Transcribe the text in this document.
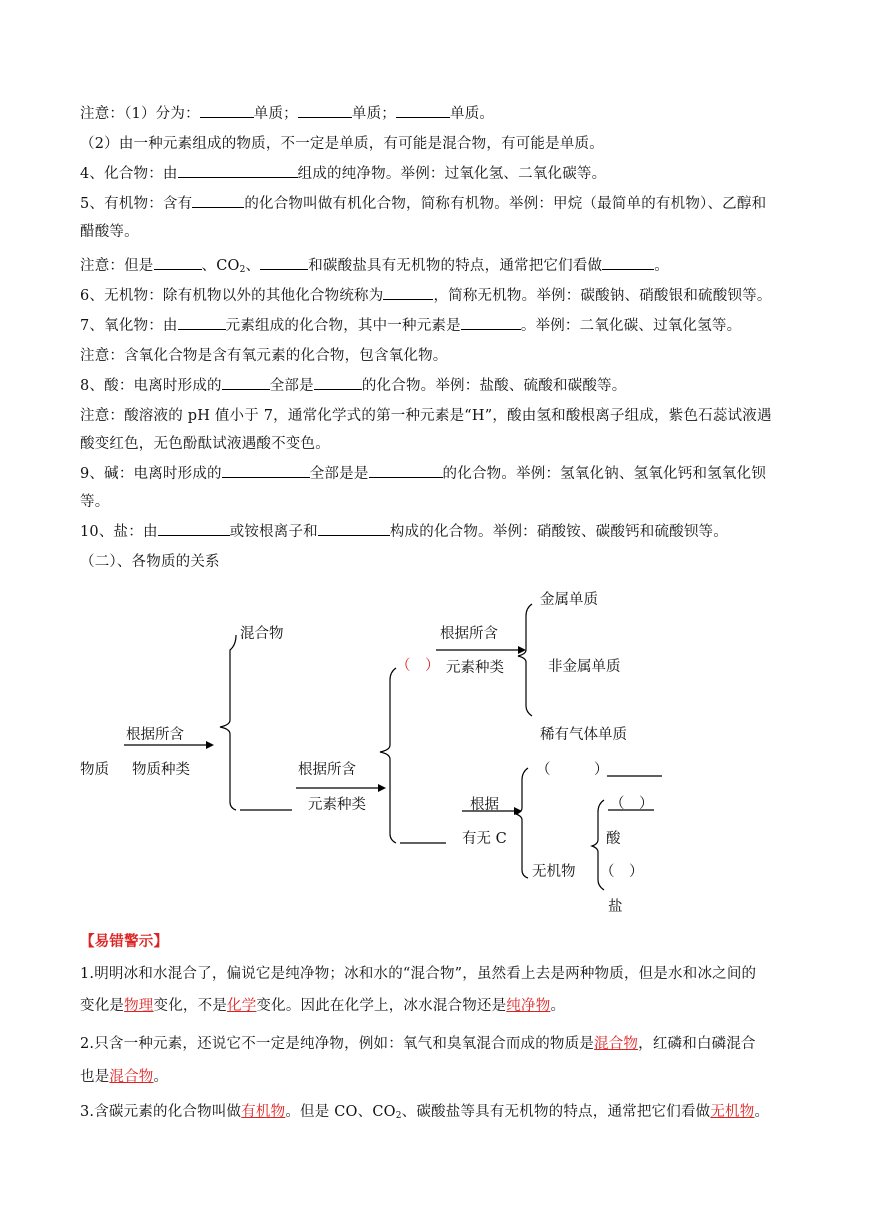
注意：（1）分为：	单质；	单质；	单质。
（2）由一种元素组成的物质，不一定是单质，有可能是混合物，有可能是单质。
4、化合物：由	组成的纯净物。举例：过氧化氢、二氧化碳等。
5、有机物：含有	的化合物叫做有机化合物，简称有机物。举例：甲烷（最简单的有机物）、乙醇和
醋酸等。
注意：但是	、$CO_2$、	和碳酸盐具有无机物的特点，通常把它们看做	。
6、无机物：除有机物以外的其他化合物统称为	，简称无机物。举例：碳酸钠、硝酸银和硫酸钡等。
7、氧化物：由	元素组成的化合物，其中一种元素是	。举例：二氧化碳、过氧化氢等。
注意：含氧化合物是含有氧元素的化合物，包含氧化物。
8、酸：电离时形成的	全部是	的化合物。举例：盐酸、硫酸和碳酸等。
注意：酸溶液的 pH 值小于 7，通常化学式的第一种元素是“H”，酸由氢和酸根离子组成，紫色石蕊试液遇
酸变红色，无色酚酞试液遇酸不变色。
9、碱：电离时形成的	全部是是	的化合物。举例：氢氧化钠、氢氧化钙和氢氧化钡
等。
10、盐：由	或铵根离子和	构成的化合物。举例：硝酸铵、碳酸钙和硫酸钡等。
（二）、各物质的关系
物质
根据所含
物质种类
混合物
根据所含
元素种类
（　）
根据所含
元素种类
金属单质
非金属单质
稀有气体单质
（　　　）
根据
有无 C
无机物
（　）
酸
（　）
盐
【易错警示】
1.明明冰和水混合了，偏说它是纯净物；冰和水的“混合物”，虽然看上去是两种物质，但是水和冰之间的
变化是物理变化，不是化学变化。因此在化学上，冰水混合物还是纯净物。
2.只含一种元素，还说它不一定是纯净物，例如：氧气和臭氧混合而成的物质是混合物，红磷和白磷混合
也是混合物。
3.含碳元素的化合物叫做有机物。但是 CO、$CO_2$、碳酸盐等具有无机物的特点，通常把它们看做无机物。
